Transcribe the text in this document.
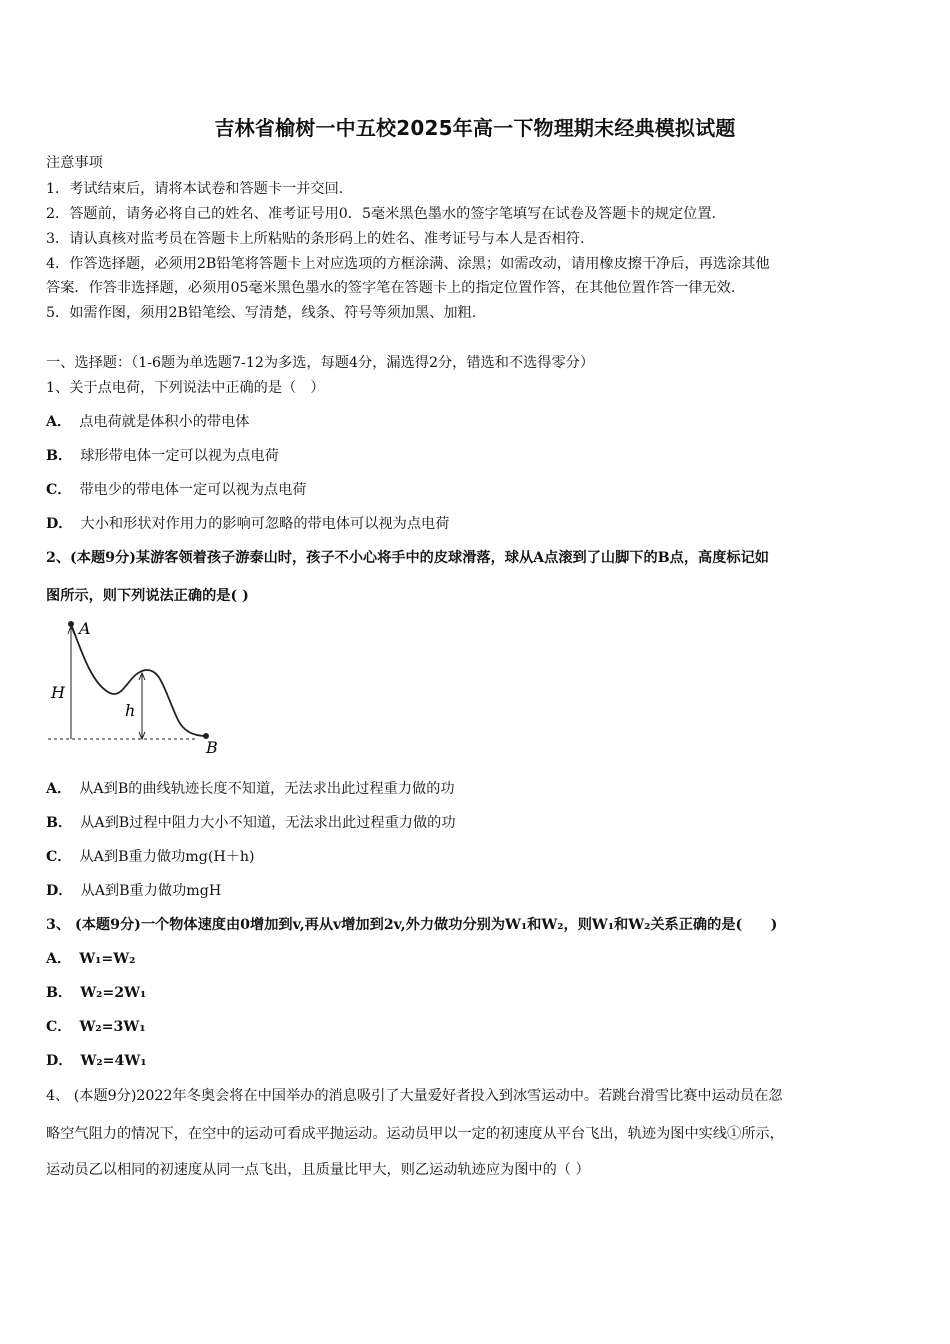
吉林省榆树一中五校2025年高一下物理期末经典模拟试题
注意事项
1．考试结束后，请将本试卷和答题卡一并交回.
2．答题前，请务必将自己的姓名、准考证号用0．5毫米黑色墨水的签字笔填写在试卷及答题卡的规定位置.
3．请认真核对监考员在答题卡上所粘贴的条形码上的姓名、准考证号与本人是否相符.
4．作答选择题，必须用2B铅笔将答题卡上对应选项的方框涂满、涂黑；如需改动，请用橡皮擦干净后，再选涂其他
答案．作答非选择题，必须用05毫米黑色墨水的签字笔在答题卡上的指定位置作答，在其他位置作答一律无效.
5．如需作图，须用2B铅笔绘、写清楚，线条、符号等须加黑、加粗.
一、选择题：（1-6题为单选题7-12为多选，每题4分，漏选得2分，错选和不选得零分）
1、关于点电荷，下列说法中正确的是（　）
A． 点电荷就是体积小的带电体
B． 球形带电体一定可以视为点电荷
C． 带电少的带电体一定可以视为点电荷
D． 大小和形状对作用力的影响可忽略的带电体可以视为点电荷
2、(本题9分)某游客领着孩子游泰山时，孩子不小心将手中的皮球滑落，球从A点滚到了山脚下的B点，高度标记如
图所示，则下列说法正确的是( )
A
B
H
h
A． 从A到B的曲线轨迹长度不知道，无法求出此过程重力做的功
B． 从A到B过程中阻力大小不知道，无法求出此过程重力做的功
C． 从A到B重力做功mg(H＋h)
D． 从A到B重力做功mgH
3、 (本题9分)一个物体速度由0增加到v,再从v增加到2v,外力做功分别为W₁和W₂，则W₁和W₂关系正确的是(　　)
A． W₁=W₂
B． W₂=2W₁
C． W₂=3W₁
D． W₂=4W₁
4、 (本题9分)2022年冬奥会将在中国举办的消息吸引了大量爱好者投入到冰雪运动中。若跳台滑雪比赛中运动员在忽
略空气阻力的情况下，在空中的运动可看成平抛运动。运动员甲以一定的初速度从平台飞出，轨迹为图中实线①所示，
运动员乙以相同的初速度从同一点飞出，且质量比甲大，则乙运动轨迹应为图中的（ ）
